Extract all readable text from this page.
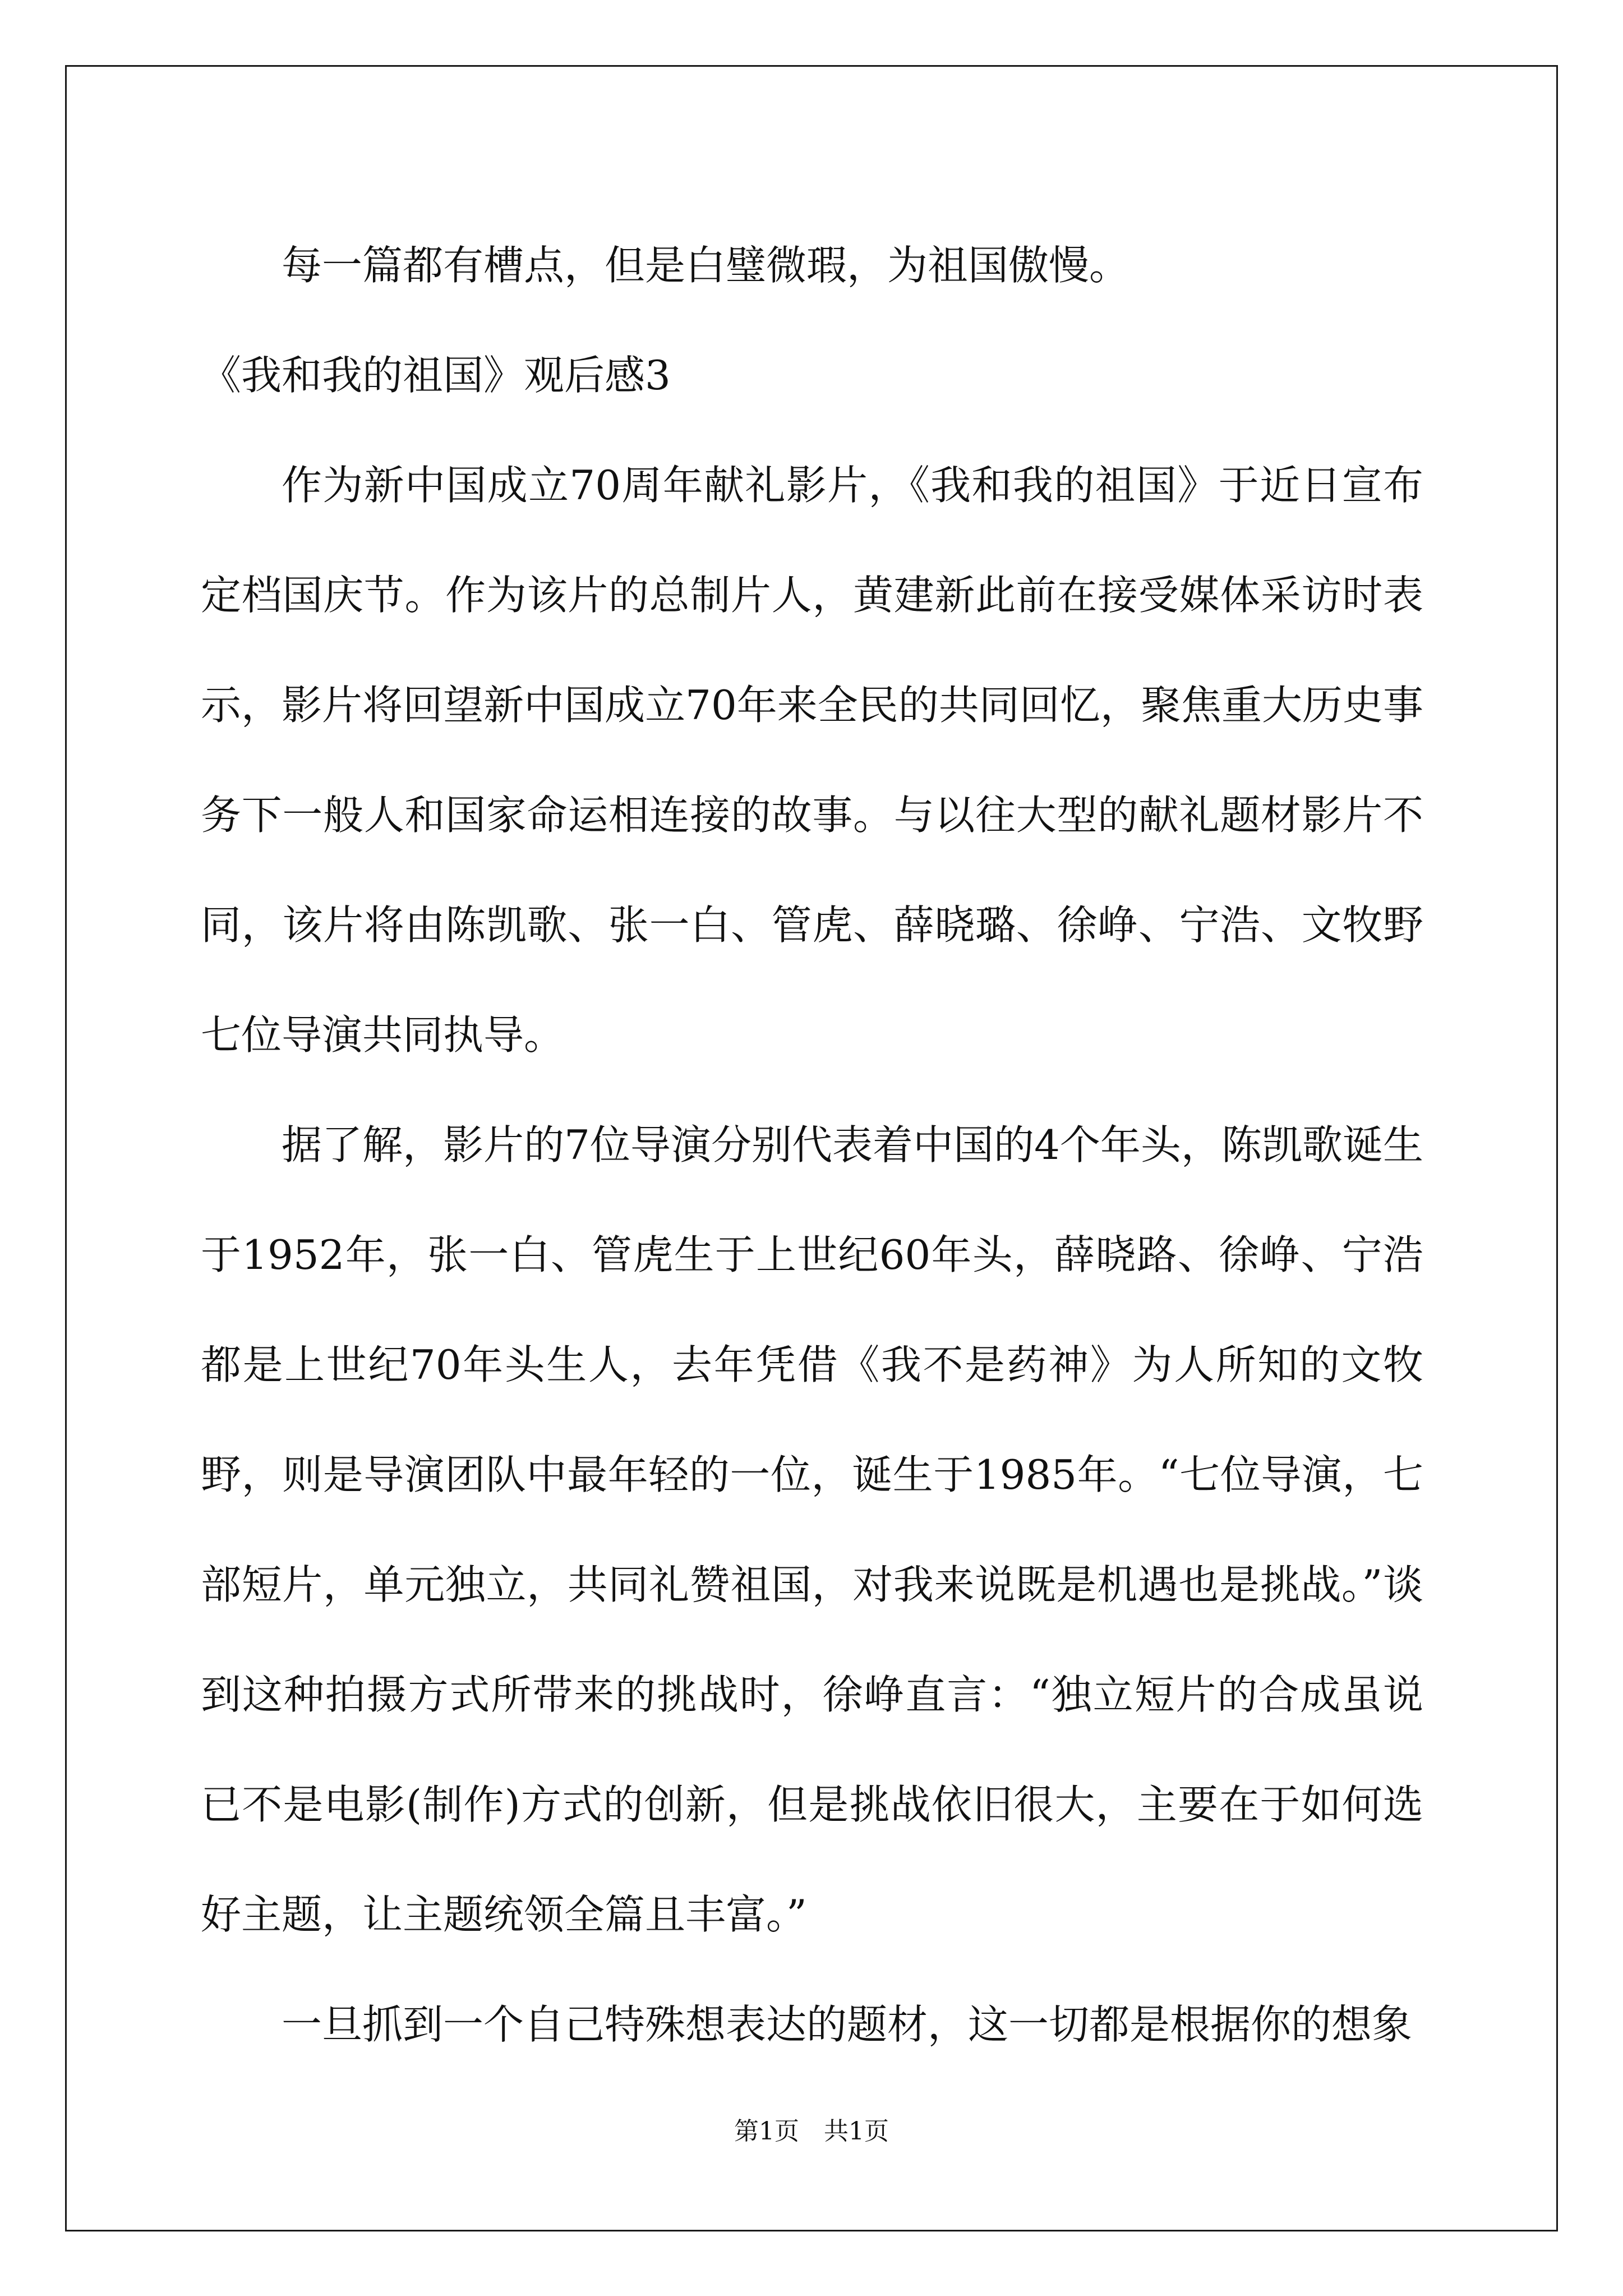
每一篇都有槽点，但是白璧微瑕，为祖国傲慢。

《我和我的祖国》观后感3

作为新中国成立70周年献礼影片，《我和我的祖国》于近日宣布定档国庆节。作为该片的总制片人，黄建新此前在接受媒体采访时表示，影片将回望新中国成立70年来全民的共同回忆，聚焦重大历史事务下一般人和国家命运相连接的故事。与以往大型的献礼题材影片不同，该片将由陈凯歌、张一白、管虎、薛晓璐、徐峥、宁浩、文牧野七位导演共同执导。

据了解，影片的7位导演分别代表着中国的4个年头，陈凯歌诞生于1952年，张一白、管虎生于上世纪60年头，薛晓路、徐峥、宁浩都是上世纪70年头生人，去年凭借《我不是药神》为人所知的文牧野，则是导演团队中最年轻的一位，诞生于1985年。“七位导演，七部短片，单元独立，共同礼赞祖国，对我来说既是机遇也是挑战。”谈到这种拍摄方式所带来的挑战时，徐峥直言：“独立短片的合成虽说已不是电影(制作)方式的创新，但是挑战依旧很大，主要在于如何选好主题，让主题统领全篇且丰富。”

一旦抓到一个自己特殊想表达的题材，这一切都是根据你的想象

第1页 共1页
